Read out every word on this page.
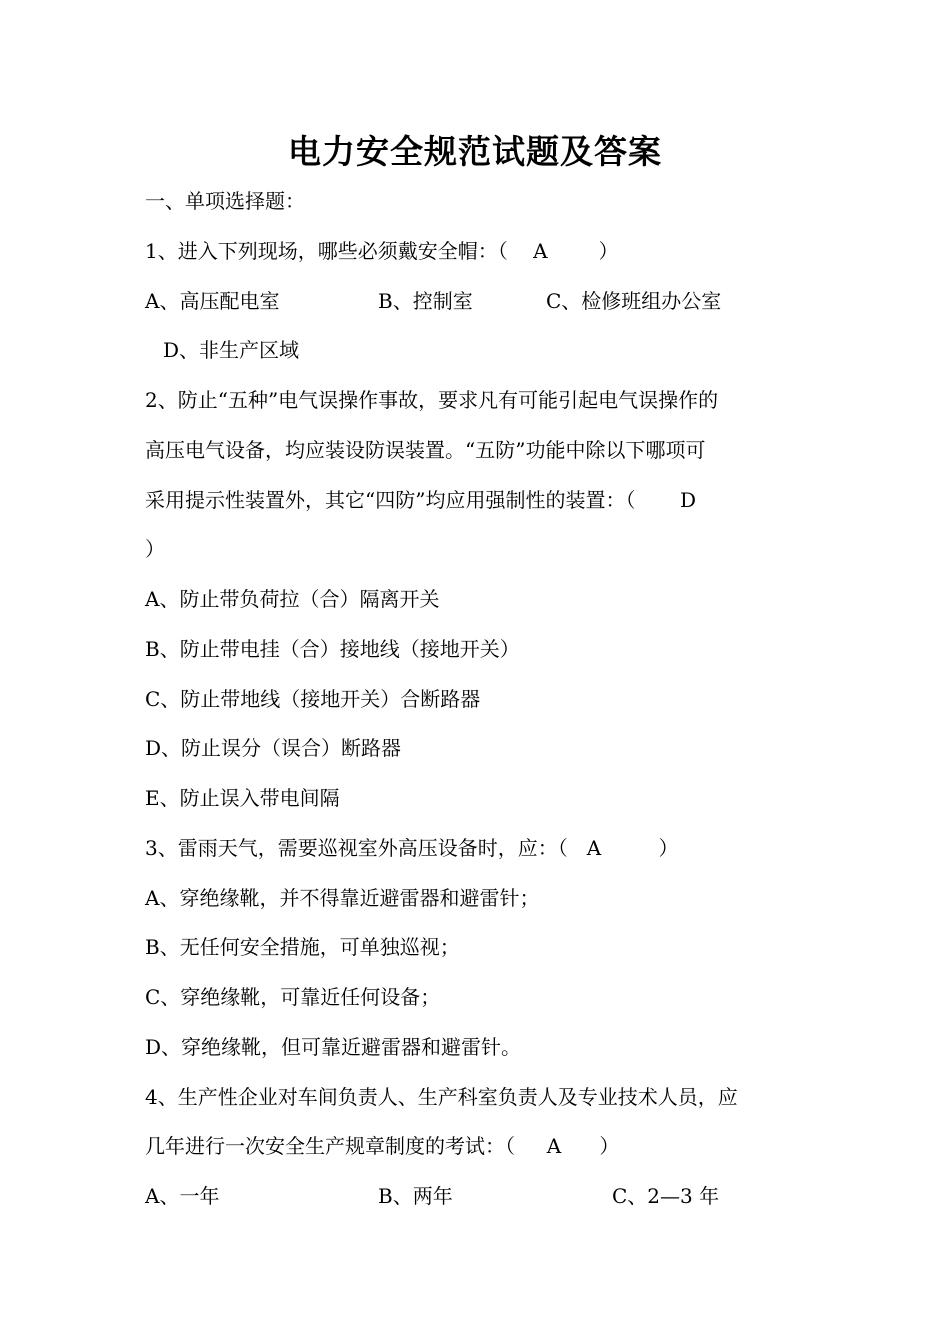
电力安全规范试题及答案
一、单项选择题：
1、进入下列现场，哪些必须戴安全帽：（    A        ）
A、高压配电室	B、控制室	C、检修班组办公室
D、非生产区域
2、防止“五种”电气误操作事故，要求凡有可能引起电气误操作的
高压电气设备，均应装设防误装置。“五防”功能中除以下哪项可
采用提示性装置外，其它“四防”均应用强制性的装置：（       D
）
A、防止带负荷拉（合）隔离开关
B、防止带电挂（合）接地线（接地开关）
C、防止带地线（接地开关）合断路器
D、防止误分（误合）断路器
E、防止误入带电间隔
3、雷雨天气，需要巡视室外高压设备时，应：（   A         ）
A、穿绝缘靴，并不得靠近避雷器和避雷针；
B、无任何安全措施，可单独巡视；
C、穿绝缘靴，可靠近任何设备；
D、穿绝缘靴，但可靠近避雷器和避雷针。
4、生产性企业对车间负责人、生产科室负责人及专业技术人员，应
几年进行一次安全生产规章制度的考试：（     A      ）
A、一年	B、两年	C、2—3 年
